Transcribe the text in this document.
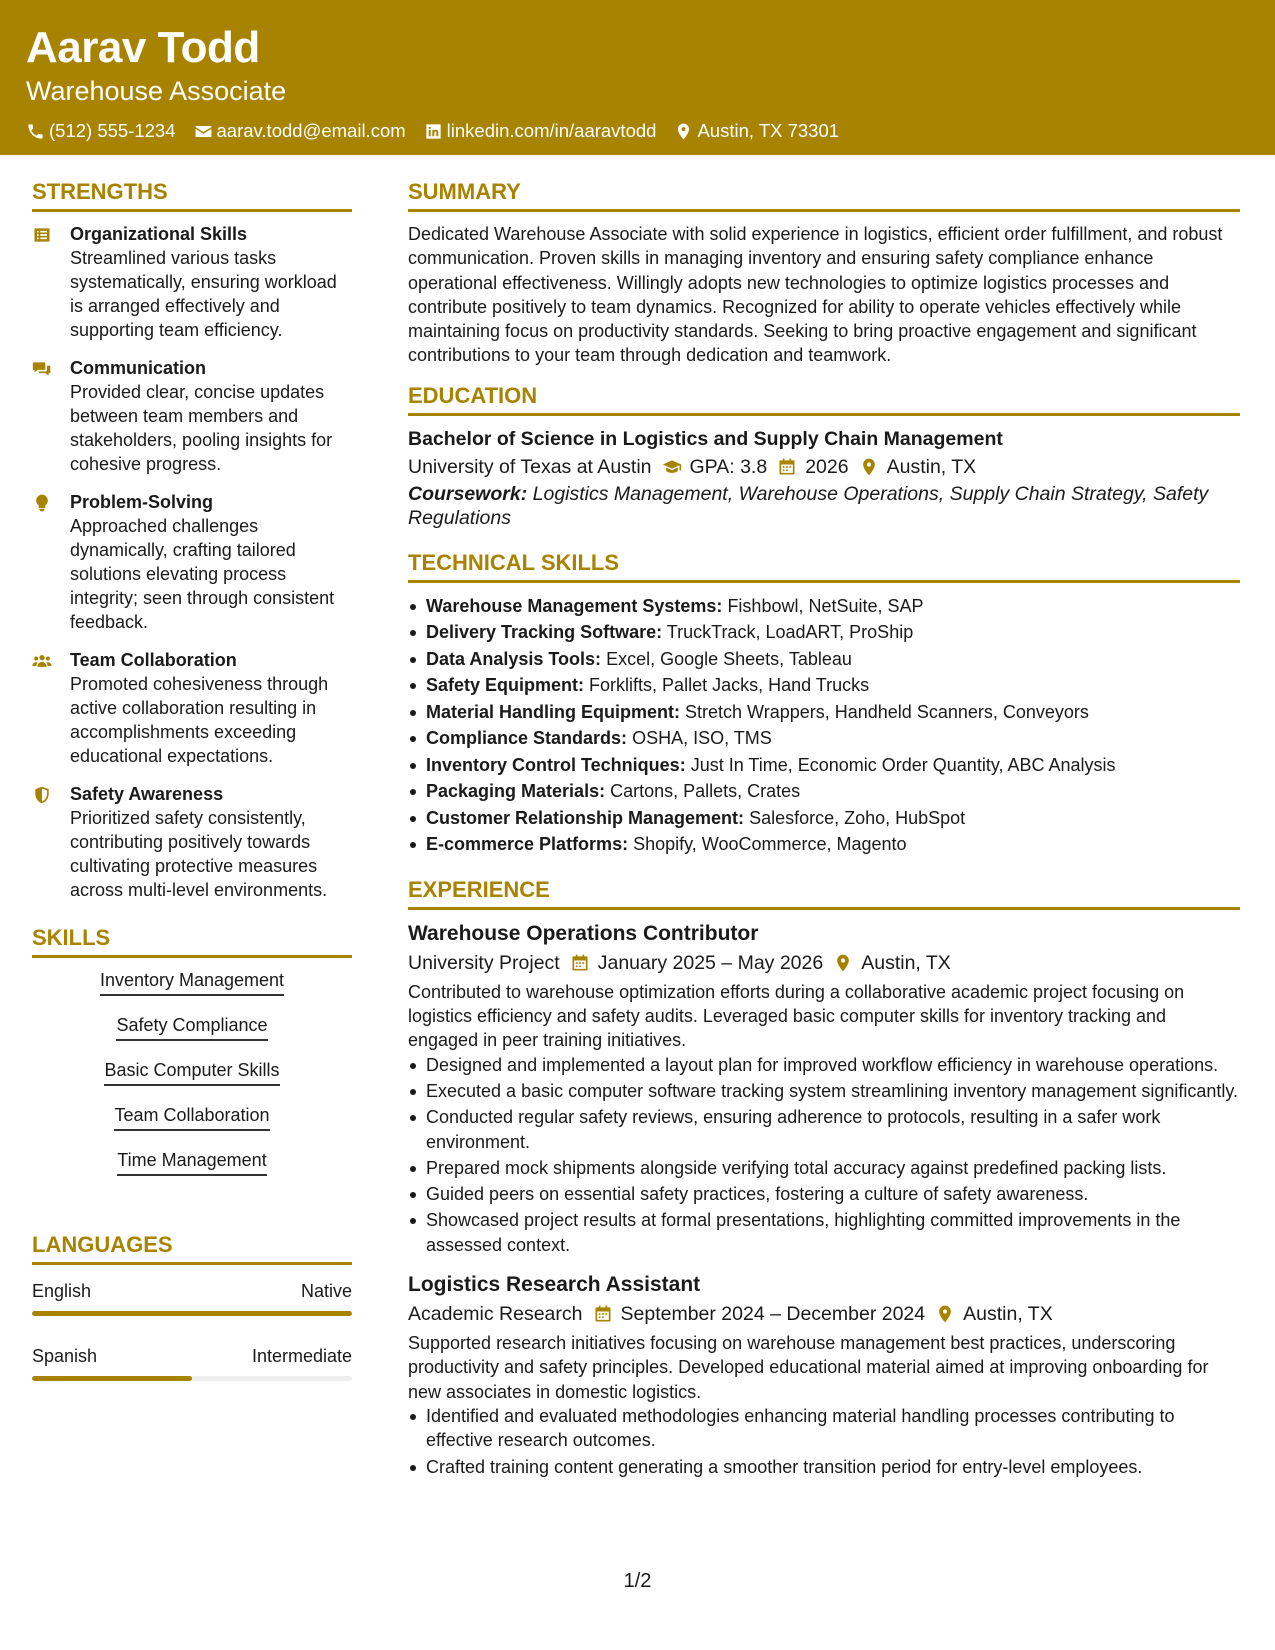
Aarav Todd
Warehouse Associate
(512) 555-1234 aarav.todd@email.com linkedin.com/in/aaravtodd Austin, TX 73301
STRENGTHS
Organizational Skills
Streamlined various tasks systematically, ensuring workload is arranged effectively and supporting team efficiency.
Communication
Provided clear, concise updates between team members and stakeholders, pooling insights for cohesive progress.
Problem-Solving
Approached challenges dynamically, crafting tailored solutions elevating process integrity; seen through consistent feedback.
Team Collaboration
Promoted cohesiveness through active collaboration resulting in accomplishments exceeding educational expectations.
Safety Awareness
Prioritized safety consistently, contributing positively towards cultivating protective measures across multi-level environments.
SKILLS
Inventory Management
Safety Compliance
Basic Computer Skills
Team Collaboration
Time Management
LANGUAGES
English	Native
Spanish	Intermediate
SUMMARY
Dedicated Warehouse Associate with solid experience in logistics, efficient order fulfillment, and robust communication. Proven skills in managing inventory and ensuring safety compliance enhance operational effectiveness. Willingly adopts new technologies to optimize logistics processes and contribute positively to team dynamics. Recognized for ability to operate vehicles effectively while maintaining focus on productivity standards. Seeking to bring proactive engagement and significant contributions to your team through dedication and teamwork.
EDUCATION
Bachelor of Science in Logistics and Supply Chain Management
University of Texas at Austin GPA: 3.8 2026 Austin, TX
Coursework: Logistics Management, Warehouse Operations, Supply Chain Strategy, Safety Regulations
TECHNICAL SKILLS
Warehouse Management Systems: Fishbowl, NetSuite, SAP
Delivery Tracking Software: TruckTrack, LoadART, ProShip
Data Analysis Tools: Excel, Google Sheets, Tableau
Safety Equipment: Forklifts, Pallet Jacks, Hand Trucks
Material Handling Equipment: Stretch Wrappers, Handheld Scanners, Conveyors
Compliance Standards: OSHA, ISO, TMS
Inventory Control Techniques: Just In Time, Economic Order Quantity, ABC Analysis
Packaging Materials: Cartons, Pallets, Crates
Customer Relationship Management: Salesforce, Zoho, HubSpot
E-commerce Platforms: Shopify, WooCommerce, Magento
EXPERIENCE
Warehouse Operations Contributor
University Project January 2025 – May 2026 Austin, TX
Contributed to warehouse optimization efforts during a collaborative academic project focusing on logistics efficiency and safety audits. Leveraged basic computer skills for inventory tracking and engaged in peer training initiatives.
Designed and implemented a layout plan for improved workflow efficiency in warehouse operations.
Executed a basic computer software tracking system streamlining inventory management significantly.
Conducted regular safety reviews, ensuring adherence to protocols, resulting in a safer work environment.
Prepared mock shipments alongside verifying total accuracy against predefined packing lists.
Guided peers on essential safety practices, fostering a culture of safety awareness.
Showcased project results at formal presentations, highlighting committed improvements in the assessed context.
Logistics Research Assistant
Academic Research September 2024 – December 2024 Austin, TX
Supported research initiatives focusing on warehouse management best practices, underscoring productivity and safety principles. Developed educational material aimed at improving onboarding for new associates in domestic logistics.
Identified and evaluated methodologies enhancing material handling processes contributing to effective research outcomes.
Crafted training content generating a smoother transition period for entry-level employees.
1/2
